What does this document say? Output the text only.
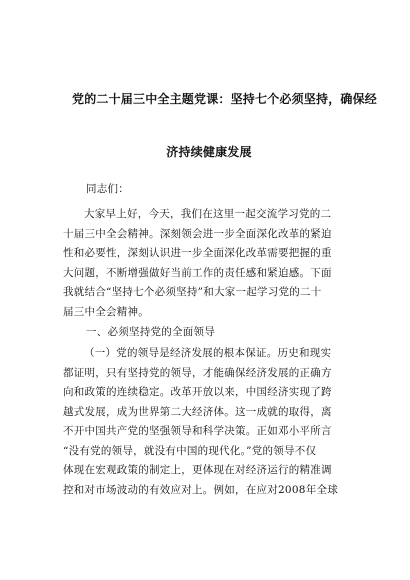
党的二十届三中全主题党课：坚持七个必须坚持，确保经
济持续健康发展
同志们：
大家早上好，今天，我们在这里一起交流学习党的二
十届三中全会精神。深刻领会进一步全面深化改革的紧迫
性和必要性，深刻认识进一步全面深化改革需要把握的重
大问题，不断增强做好当前工作的责任感和紧迫感。下面
我就结合“坚持七个必须坚持”和大家一起学习党的二十
届三中全会精神。
一、必须坚持党的全面领导
（一）党的领导是经济发展的根本保证。历史和现实
都证明，只有坚持党的领导，才能确保经济发展的正确方
向和政策的连续稳定。改革开放以来，中国经济实现了跨
越式发展，成为世界第二大经济体。这一成就的取得，离
不开中国共产党的坚强领导和科学决策。正如邓小平所言
“没有党的领导，就没有中国的现代化。”党的领导不仅
体现在宏观政策的制定上，更体现在对经济运行的精准调
控和对市场波动的有效应对上。例如，在应对2008年全球
